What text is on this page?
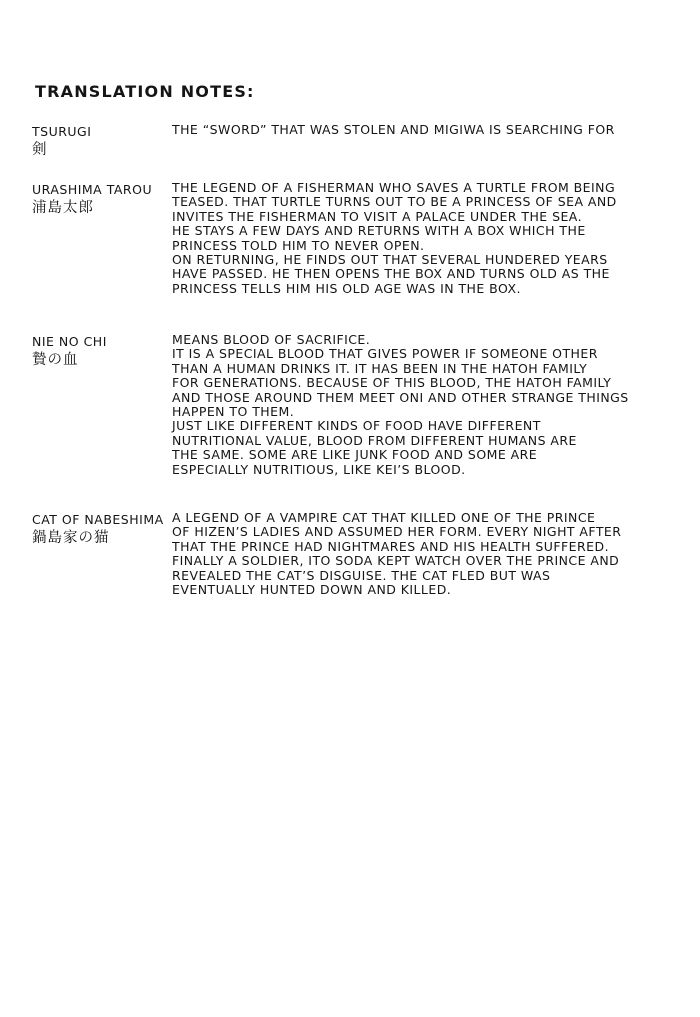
TRANSLATION NOTES:
TSURUGI
剣
THE “SWORD” THAT WAS STOLEN AND MIGIWA IS SEARCHING FOR
URASHIMA TAROU
浦島太郎
THE LEGEND OF A FISHERMAN WHO SAVES A TURTLE FROM BEING
TEASED. THAT TURTLE TURNS OUT TO BE A PRINCESS OF SEA AND
INVITES THE FISHERMAN TO VISIT A PALACE UNDER THE SEA.
HE STAYS A FEW DAYS AND RETURNS WITH A BOX WHICH THE
PRINCESS TOLD HIM TO NEVER OPEN.
ON RETURNING, HE FINDS OUT THAT SEVERAL HUNDERED YEARS
HAVE PASSED. HE THEN OPENS THE BOX AND TURNS OLD AS THE
PRINCESS TELLS HIM HIS OLD AGE WAS IN THE BOX.
NIE NO CHI
贄の血
MEANS BLOOD OF SACRIFICE.
IT IS A SPECIAL BLOOD THAT GIVES POWER IF SOMEONE OTHER
THAN A HUMAN DRINKS IT. IT HAS BEEN IN THE HATOH FAMILY
FOR GENERATIONS. BECAUSE OF THIS BLOOD, THE HATOH FAMILY
AND THOSE AROUND THEM MEET ONI AND OTHER STRANGE THINGS
HAPPEN TO THEM.
JUST LIKE DIFFERENT KINDS OF FOOD HAVE DIFFERENT
NUTRITIONAL VALUE, BLOOD FROM DIFFERENT HUMANS ARE
THE SAME. SOME ARE LIKE JUNK FOOD AND SOME ARE
ESPECIALLY NUTRITIOUS, LIKE KEI’S BLOOD.
CAT OF NABESHIMA
鍋島家の猫
A LEGEND OF A VAMPIRE CAT THAT KILLED ONE OF THE PRINCE
OF HIZEN’S LADIES AND ASSUMED HER FORM. EVERY NIGHT AFTER
THAT THE PRINCE HAD NIGHTMARES AND HIS HEALTH SUFFERED.
FINALLY A SOLDIER, ITO SODA KEPT WATCH OVER THE PRINCE AND
REVEALED THE CAT’S DISGUISE. THE CAT FLED BUT WAS
EVENTUALLY HUNTED DOWN AND KILLED.
